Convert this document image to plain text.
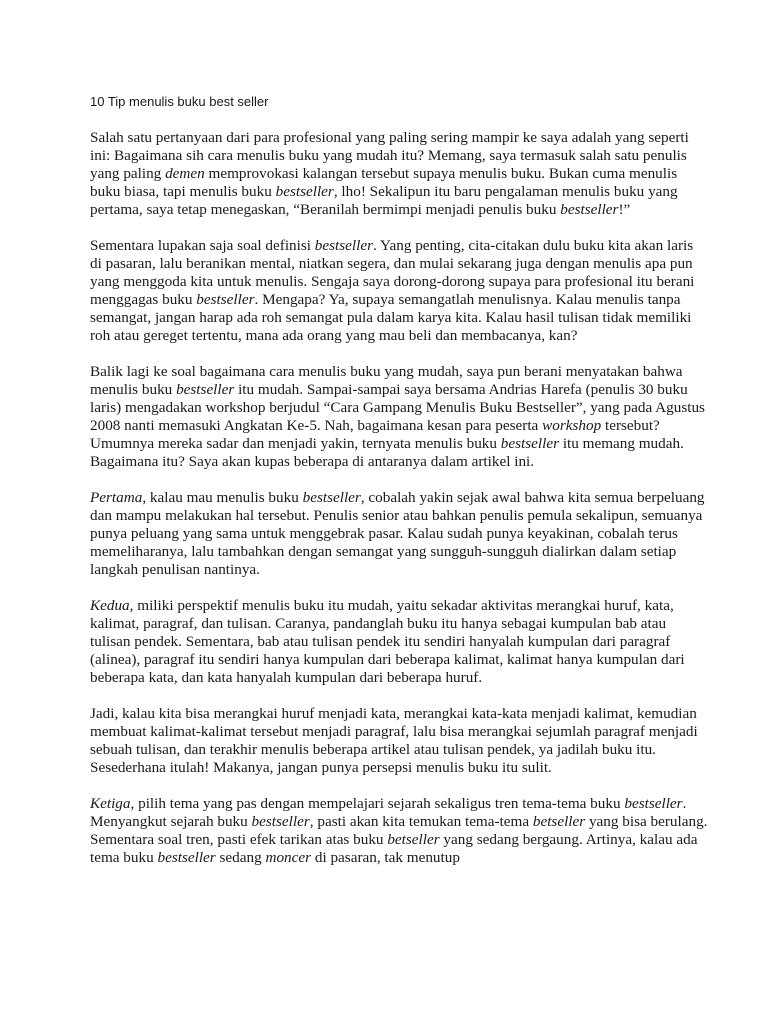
10 Tip menulis buku best seller

Salah satu pertanyaan dari para profesional yang paling sering mampir ke saya adalah yang seperti ini: Bagaimana sih cara menulis buku yang mudah itu? Memang, saya termasuk salah satu penulis yang paling demen memprovokasi kalangan tersebut supaya menulis buku. Bukan cuma menulis buku biasa, tapi menulis buku bestseller, lho! Sekalipun itu baru pengalaman menulis buku yang pertama, saya tetap menegaskan, “Beranilah bermimpi menjadi penulis buku bestseller!”

Sementara lupakan saja soal definisi bestseller. Yang penting, cita-citakan dulu buku kita akan laris di pasaran, lalu beranikan mental, niatkan segera, dan mulai sekarang juga dengan menulis apa pun yang menggoda kita untuk menulis. Sengaja saya dorong-dorong supaya para profesional itu berani menggagas buku bestseller. Mengapa? Ya, supaya semangatlah menulisnya. Kalau menulis tanpa semangat, jangan harap ada roh semangat pula dalam karya kita. Kalau hasil tulisan tidak memiliki roh atau gereget tertentu, mana ada orang yang mau beli dan membacanya, kan?

Balik lagi ke soal bagaimana cara menulis buku yang mudah, saya pun berani menyatakan bahwa menulis buku bestseller itu mudah. Sampai-sampai saya bersama Andrias Harefa (penulis 30 buku laris) mengadakan workshop berjudul “Cara Gampang Menulis Buku Bestseller”, yang pada Agustus 2008 nanti memasuki Angkatan Ke-5. Nah, bagaimana kesan para peserta workshop tersebut? Umumnya mereka sadar dan menjadi yakin, ternyata menulis buku bestseller itu memang mudah. Bagaimana itu? Saya akan kupas beberapa di antaranya dalam artikel ini.

Pertama, kalau mau menulis buku bestseller, cobalah yakin sejak awal bahwa kita semua berpeluang dan mampu melakukan hal tersebut. Penulis senior atau bahkan penulis pemula sekalipun, semuanya punya peluang yang sama untuk menggebrak pasar. Kalau sudah punya keyakinan, cobalah terus memeliharanya, lalu tambahkan dengan semangat yang sungguh-sungguh dialirkan dalam setiap langkah penulisan nantinya.

Kedua, miliki perspektif menulis buku itu mudah, yaitu sekadar aktivitas merangkai huruf, kata, kalimat, paragraf, dan tulisan. Caranya, pandanglah buku itu hanya sebagai kumpulan bab atau tulisan pendek. Sementara, bab atau tulisan pendek itu sendiri hanyalah kumpulan dari paragraf (alinea), paragraf itu sendiri hanya kumpulan dari beberapa kalimat, kalimat hanya kumpulan dari beberapa kata, dan kata hanyalah kumpulan dari beberapa huruf.

Jadi, kalau kita bisa merangkai huruf menjadi kata, merangkai kata-kata menjadi kalimat, kemudian membuat kalimat-kalimat tersebut menjadi paragraf, lalu bisa merangkai sejumlah paragraf menjadi sebuah tulisan, dan terakhir menulis beberapa artikel atau tulisan pendek, ya jadilah buku itu. Sesederhana itulah! Makanya, jangan punya persepsi menulis buku itu sulit.

Ketiga, pilih tema yang pas dengan mempelajari sejarah sekaligus tren tema-tema buku bestseller. Menyangkut sejarah buku bestseller, pasti akan kita temukan tema-tema betseller yang bisa berulang. Sementara soal tren, pasti efek tarikan atas buku betseller yang sedang bergaung. Artinya, kalau ada tema buku bestseller sedang moncer di pasaran, tak menutup
